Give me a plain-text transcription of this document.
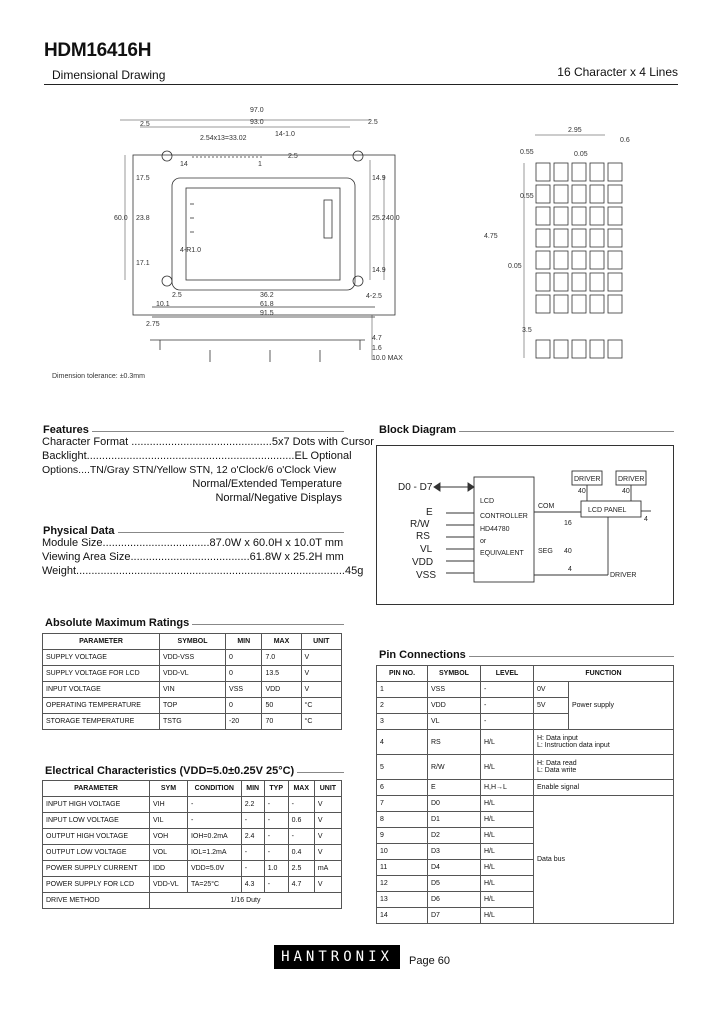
HDM16416H
Dimensional Drawing	16 Character x 4 Lines
97.0
93.0
2.5	2.5
2.54x13=33.02
14-1.0
2.5
14	1
60.0
17.5
23.8
17.1
14.9
25.2 40.0
14.9
2.5	36.2
61.8
91.5
2.75
10.1
4-R1.0
4-2.5
4.7
1.6
10.0 MAX
2.95
0.55
0.55
0.6
0.05
0.05
4.75
3.5
Dimension tolerance: ±0.3mm
Features
Character Format .............................................. 5x7 Dots with Cursor
Backlight.................................................................... EL Optional
Options....TN/Gray STN/Yellow STN, 12 o'Clock/6 o'Clock View
Normal/Extended Temperature
Normal/Negative Displays
Physical Data
Module Size................................... 87.0W x 60.0H x 10.0T mm
Viewing Area Size....................................... 61.8W x 25.2H mm
Weight........................................................................................ 45g
Absolute Maximum Ratings
PARAMETER	SYMBOL	MIN	MAX	UNIT
SUPPLY VOLTAGE	VDD-VSS	0	7.0	V
SUPPLY VOLTAGE FOR LCD	VDD-VL	0	13.5	V
INPUT VOLTAGE	VIN	VSS	VDD	V
OPERATING TEMPERATURE	TOP	0	50	°C
STORAGE TEMPERATURE	TSTG	-20	70	°C
Electrical Characteristics (VDD=5.0±0.25V 25°C)
PARAMETER	SYM	CONDITION	MIN	TYP	MAX	UNIT
INPUT HIGH VOLTAGE	VIH	-	2.2	-	-	V
INPUT LOW VOLTAGE	VIL	-	-	-	0.6	V
OUTPUT HIGH VOLTAGE	VOH	IOH=0.2mA	2.4	-	-	V
OUTPUT LOW VOLTAGE	VOL	IOL=1.2mA	-	-	0.4	V
POWER SUPPLY CURRENT	IDD	VDD=5.0V	-	1.0	2.5	mA
POWER SUPPLY FOR LCD	VDD-VL	TA=25°C	4.3	-	4.7	V
DRIVE METHOD	1/16 Duty					
Block Diagram
D0 - D7
E
R/W
RS
VL
VDD
VSS
LCD
CONTROLLER
HD44780
or
EQUIVALENT
COM
SEG
LCD PANEL
DRIVER	DRIVER
DRIVER
16
40	40
40
4
4
Pin Connections
PIN NO.	SYMBOL	LEVEL	FUNCTION	
1	VSS	-	0V	Power supply
2	VDD	-	5V	
3	VL	-		
4	RS	H/L	H: Data input
L: Instruction data input	
5	R/W	H/L	H: Data read
L: Data write	
6	E	H,H→L	Enable signal	
7	D0	H/L	Data bus	
8	D1	H/L		
9	D2	H/L		
10	D3	H/L		
11	D4	H/L		
12	D5	H/L		
13	D6	H/L		
14	D7	H/L		
HANTRONIX	Page 60
